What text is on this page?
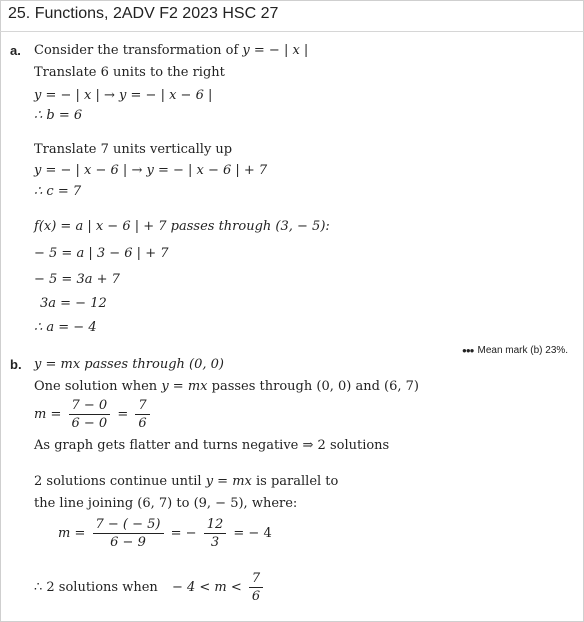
25. Functions, 2ADV F2 2023 HSC 27
a. Consider the transformation of y = − | x |
Translate 6 units to the right
y = − | x | → y = − | x − 6 |
∴ b = 6
Translate 7 units vertically up
y = − | x − 6 | → y = − | x − 6 | + 7
∴ c = 7
f(x) = a | x − 6 | + 7 passes through (3, − 5):
− 5 = a | 3 − 6 | + 7
− 5 = 3a + 7
3a = − 12
∴ a = − 4
●●● Mean mark (b) 23%.
b. y = mx passes through (0, 0)
One solution when y = mx passes through (0, 0) and (6, 7)
$m = \frac{7 - 0}{6 - 0} = \frac{7}{6}$
As graph gets flatter and turns negative ⇒ 2 solutions
2 solutions continue until y = mx is parallel to
the line joining (6, 7) to (9, − 5), where:
$m = \frac{7 - ( - 5)}{6 - 9}$ = − $\frac{12}{3}$ = − 4
∴ 2 solutions when − $4 < m < \frac{7}{6}$
